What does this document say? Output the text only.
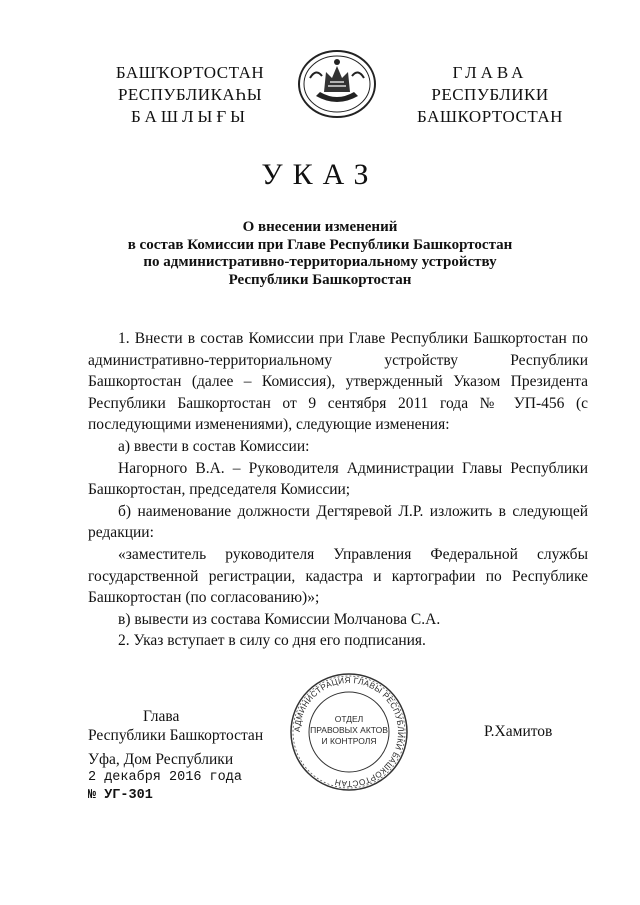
БАШҠОРТОСТАН
РЕСПУБЛИКАҺЫ
БАШЛЫҒЫ
ГЛАВА
РЕСПУБЛИКИ
БАШКОРТОСТАН
УКАЗ
О внесении изменений
в состав Комиссии при Главе Республики Башкортостан
по административно-территориальному устройству
Республики Башкортостан

1. Внести в состав Комиссии при Главе Республики Башкортостан по административно-территориальному устройству Республики Башкортостан (далее – Комиссия), утвержденный Указом Президента Республики Башкортостан от 9 сентября 2011 года № УП-456 (с последующими изменениями), следующие изменения:

а) ввести в состав Комиссии:

Нагорного В.А. – Руководителя Администрации Главы Республики Башкортостан, председателя Комиссии;

б) наименование должности Дегтяревой Л.Р. изложить в следующей редакции:

«заместитель руководителя Управления Федеральной службы государственной регистрации, кадастра и картографии по Республике Башкортостан (по согласованию)»;

в) вывести из состава Комиссии Молчанова С.А.

2. Указ вступает в силу со дня его подписания.

Глава
Республики Башкортостан	Р.Хамитов
АДМИНИСТРАЦИЯ ГЛАВЫ РЕСПУБЛИКИ БАШКОРТОСТАН
ОТДЕЛ
ПРАВОВЫХ АКТОВ
И КОНТРОЛЯ
Уфа, Дом Республики
2 декабря 2016 года
№ УГ-301
